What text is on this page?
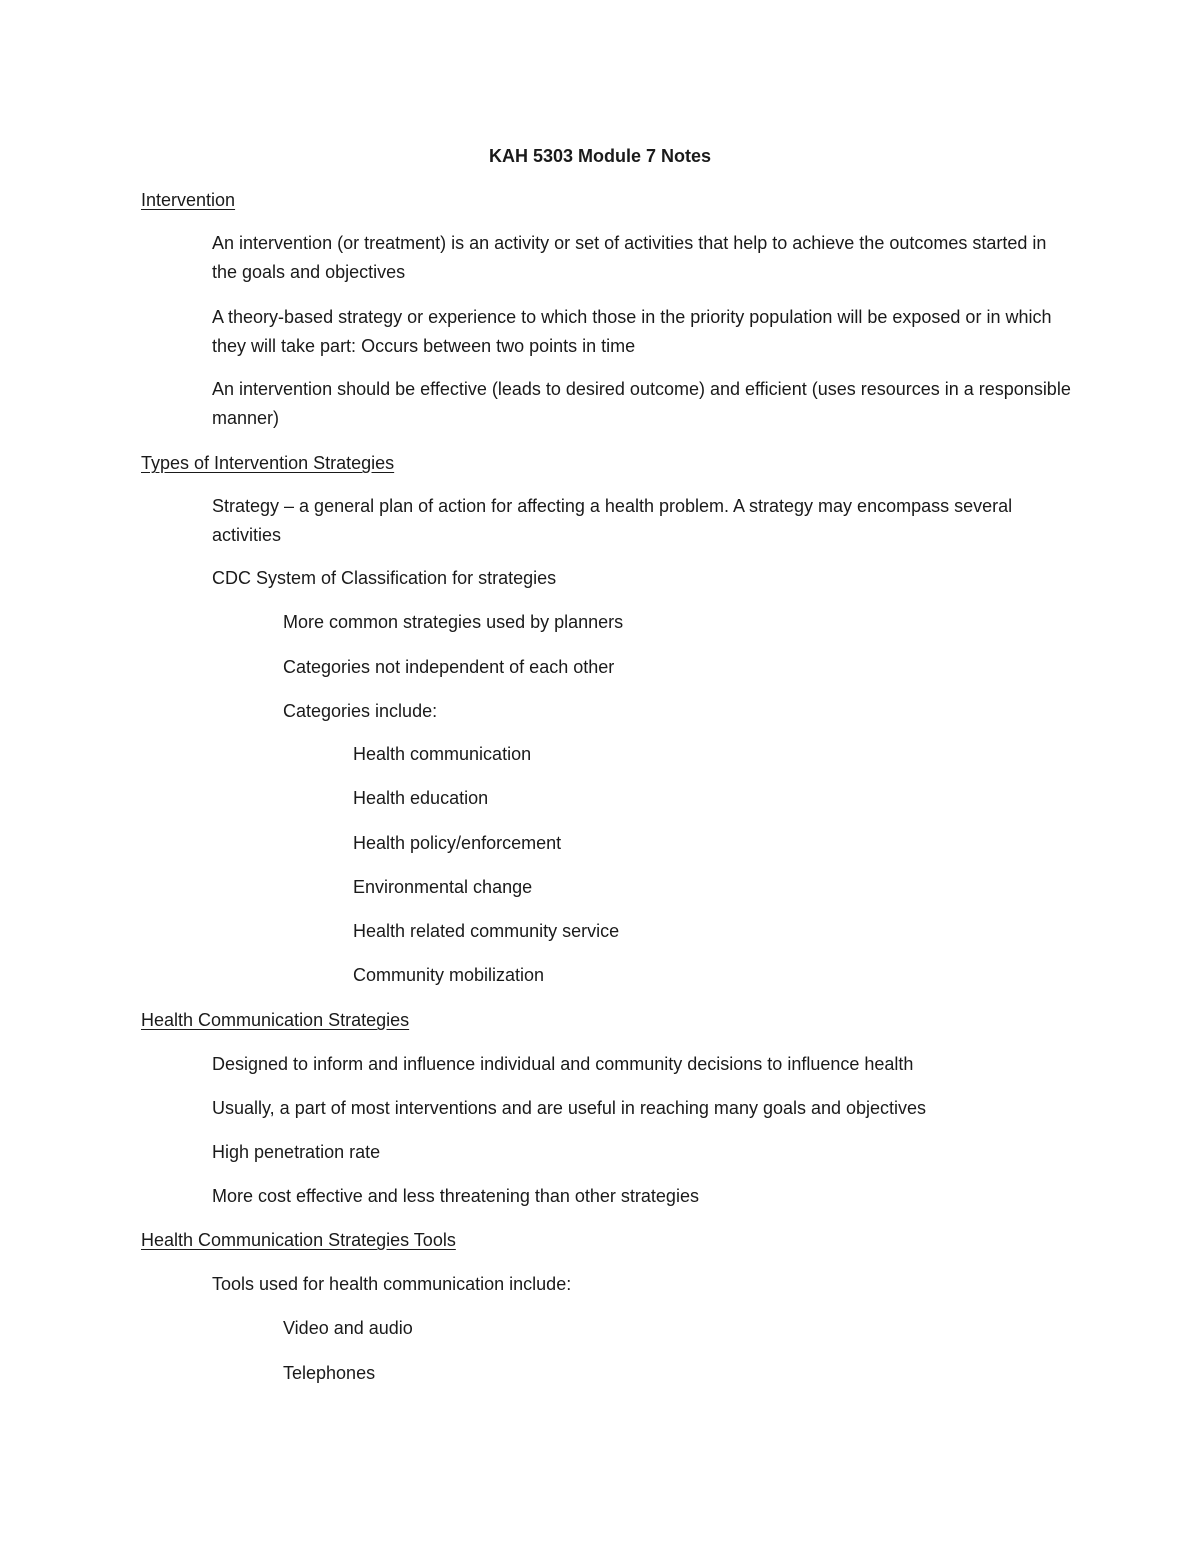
KAH 5303 Module 7 Notes

Intervention

An intervention (or treatment) is an activity or set of activities that help to achieve the outcomes started in the goals and objectives

A theory-based strategy or experience to which those in the priority population will be exposed or in which they will take part: Occurs between two points in time

An intervention should be effective (leads to desired outcome) and efficient (uses resources in a responsible manner)

Types of Intervention Strategies

Strategy – a general plan of action for affecting a health problem. A strategy may encompass several activities

CDC System of Classification for strategies

More common strategies used by planners

Categories not independent of each other

Categories include:

Health communication

Health education

Health policy/enforcement

Environmental change

Health related community service

Community mobilization

Health Communication Strategies

Designed to inform and influence individual and community decisions to influence health

Usually, a part of most interventions and are useful in reaching many goals and objectives

High penetration rate

More cost effective and less threatening than other strategies

Health Communication Strategies Tools

Tools used for health communication include:

Video and audio

Telephones
